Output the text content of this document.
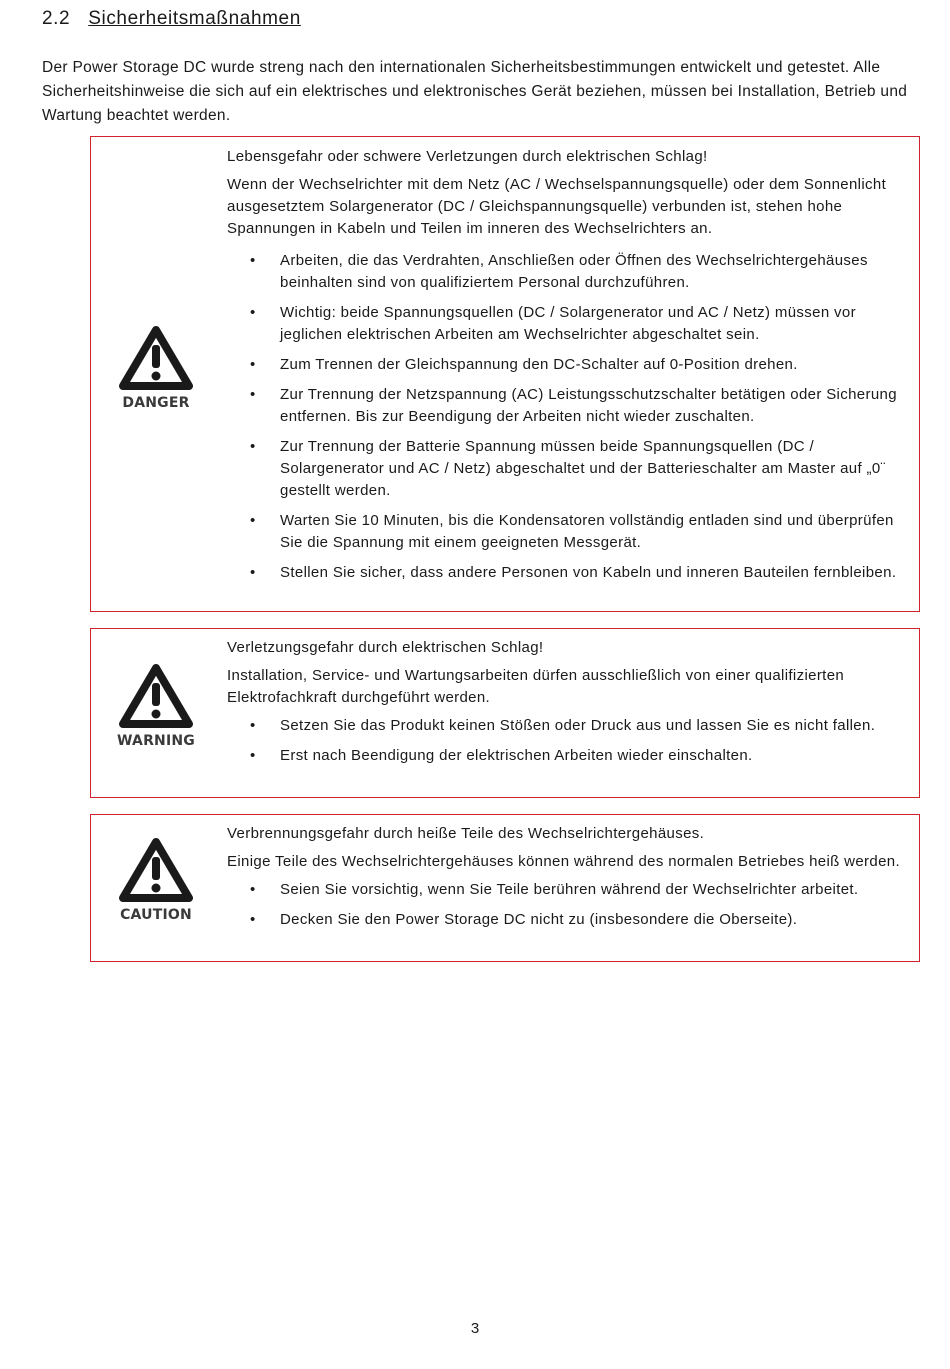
2.2 Sicherheitsmaßnahmen

Der Power Storage DC wurde streng nach den internationalen Sicherheitsbestimmungen entwickelt und getestet. Alle Sicherheitshinweise die sich auf ein elektrisches und elektronisches Gerät beziehen, müssen bei Installation, Betrieb und Wartung beachtet werden.

DANGER

Lebensgefahr oder schwere Verletzungen durch elektrischen Schlag!

Wenn der Wechselrichter mit dem Netz (AC / Wechselspannungsquelle) oder dem Sonnenlicht ausgesetztem Solargenerator (DC / Gleichspannungsquelle) verbunden ist, stehen hohe Spannungen in Kabeln und Teilen im inneren des Wechselrichters an.

• Arbeiten, die das Verdrahten, Anschließen oder Öffnen des Wechselrichtergehäuses beinhalten sind von qualifiziertem Personal durchzuführen.
• Wichtig: beide Spannungsquellen (DC / Solargenerator und AC / Netz) müssen vor jeglichen elektrischen Arbeiten am Wechselrichter abgeschaltet sein.
• Zum Trennen der Gleichspannung den DC-Schalter auf 0-Position drehen.
• Zur Trennung der Netzspannung (AC) Leistungsschutzschalter betätigen oder Sicherung entfernen. Bis zur Beendigung der Arbeiten nicht wieder zuschalten.
• Zur Trennung der Batterie Spannung müssen beide Spannungsquellen (DC / Solargenerator und AC / Netz) abgeschaltet und der Batterieschalter am Master auf „0¨ gestellt werden.
• Warten Sie 10 Minuten, bis die Kondensatoren vollständig entladen sind und überprüfen Sie die Spannung mit einem geeigneten Messgerät.
• Stellen Sie sicher, dass andere Personen von Kabeln und inneren Bauteilen fernbleiben.
WARNING

Verletzungsgefahr durch elektrischen Schlag!

Installation, Service- und Wartungsarbeiten dürfen ausschließlich von einer qualifizierten Elektrofachkraft durchgeführt werden.

• Setzen Sie das Produkt keinen Stößen oder Druck aus und lassen Sie es nicht fallen.
• Erst nach Beendigung der elektrischen Arbeiten wieder einschalten.
CAUTION

Verbrennungsgefahr durch heiße Teile des Wechselrichtergehäuses.

Einige Teile des Wechselrichtergehäuses können während des normalen Betriebes heiß werden.

• Seien Sie vorsichtig, wenn Sie Teile berühren während der Wechselrichter arbeitet.
• Decken Sie den Power Storage DC nicht zu (insbesondere die Oberseite).
3
